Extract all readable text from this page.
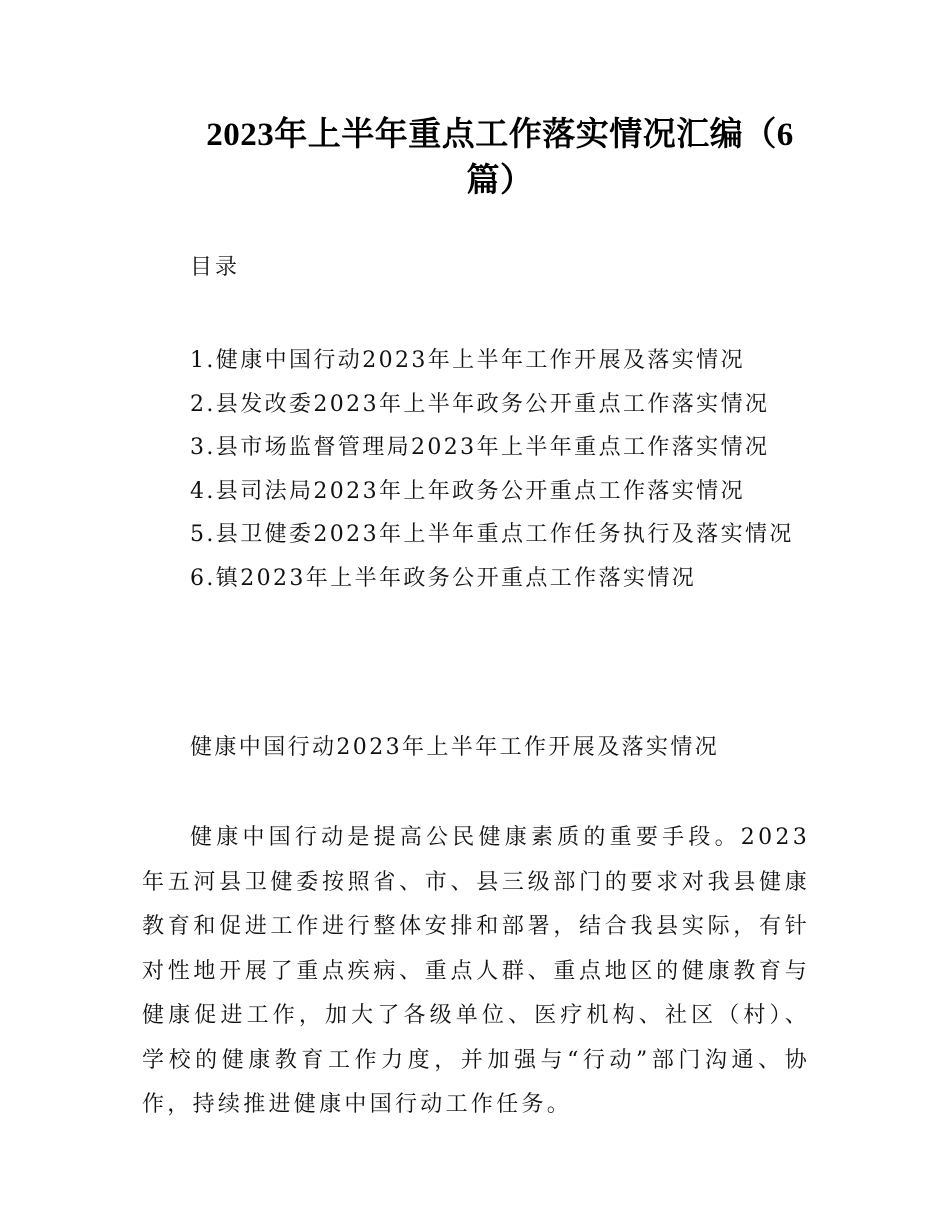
2023年上半年重点工作落实情况汇编（6篇）
目录
1.健康中国行动2023年上半年工作开展及落实情况
2.县发改委2023年上半年政务公开重点工作落实情况
3.县市场监督管理局2023年上半年重点工作落实情况
4.县司法局2023年上年政务公开重点工作落实情况
5.县卫健委2023年上半年重点工作任务执行及落实情况
6.镇2023年上半年政务公开重点工作落实情况
健康中国行动2023年上半年工作开展及落实情况

健康中国行动是提高公民健康素质的重要手段。2023年五河县卫健委按照省、市、县三级部门的要求对我县健康教育和促进工作进行整体安排和部署，结合我县实际，有针对性地开展了重点疾病、重点人群、重点地区的健康教育与健康促进工作，加大了各级单位、医疗机构、社区（村）、学校的健康教育工作力度，并加强与“行动”部门沟通、协作，持续推进健康中国行动工作任务。
